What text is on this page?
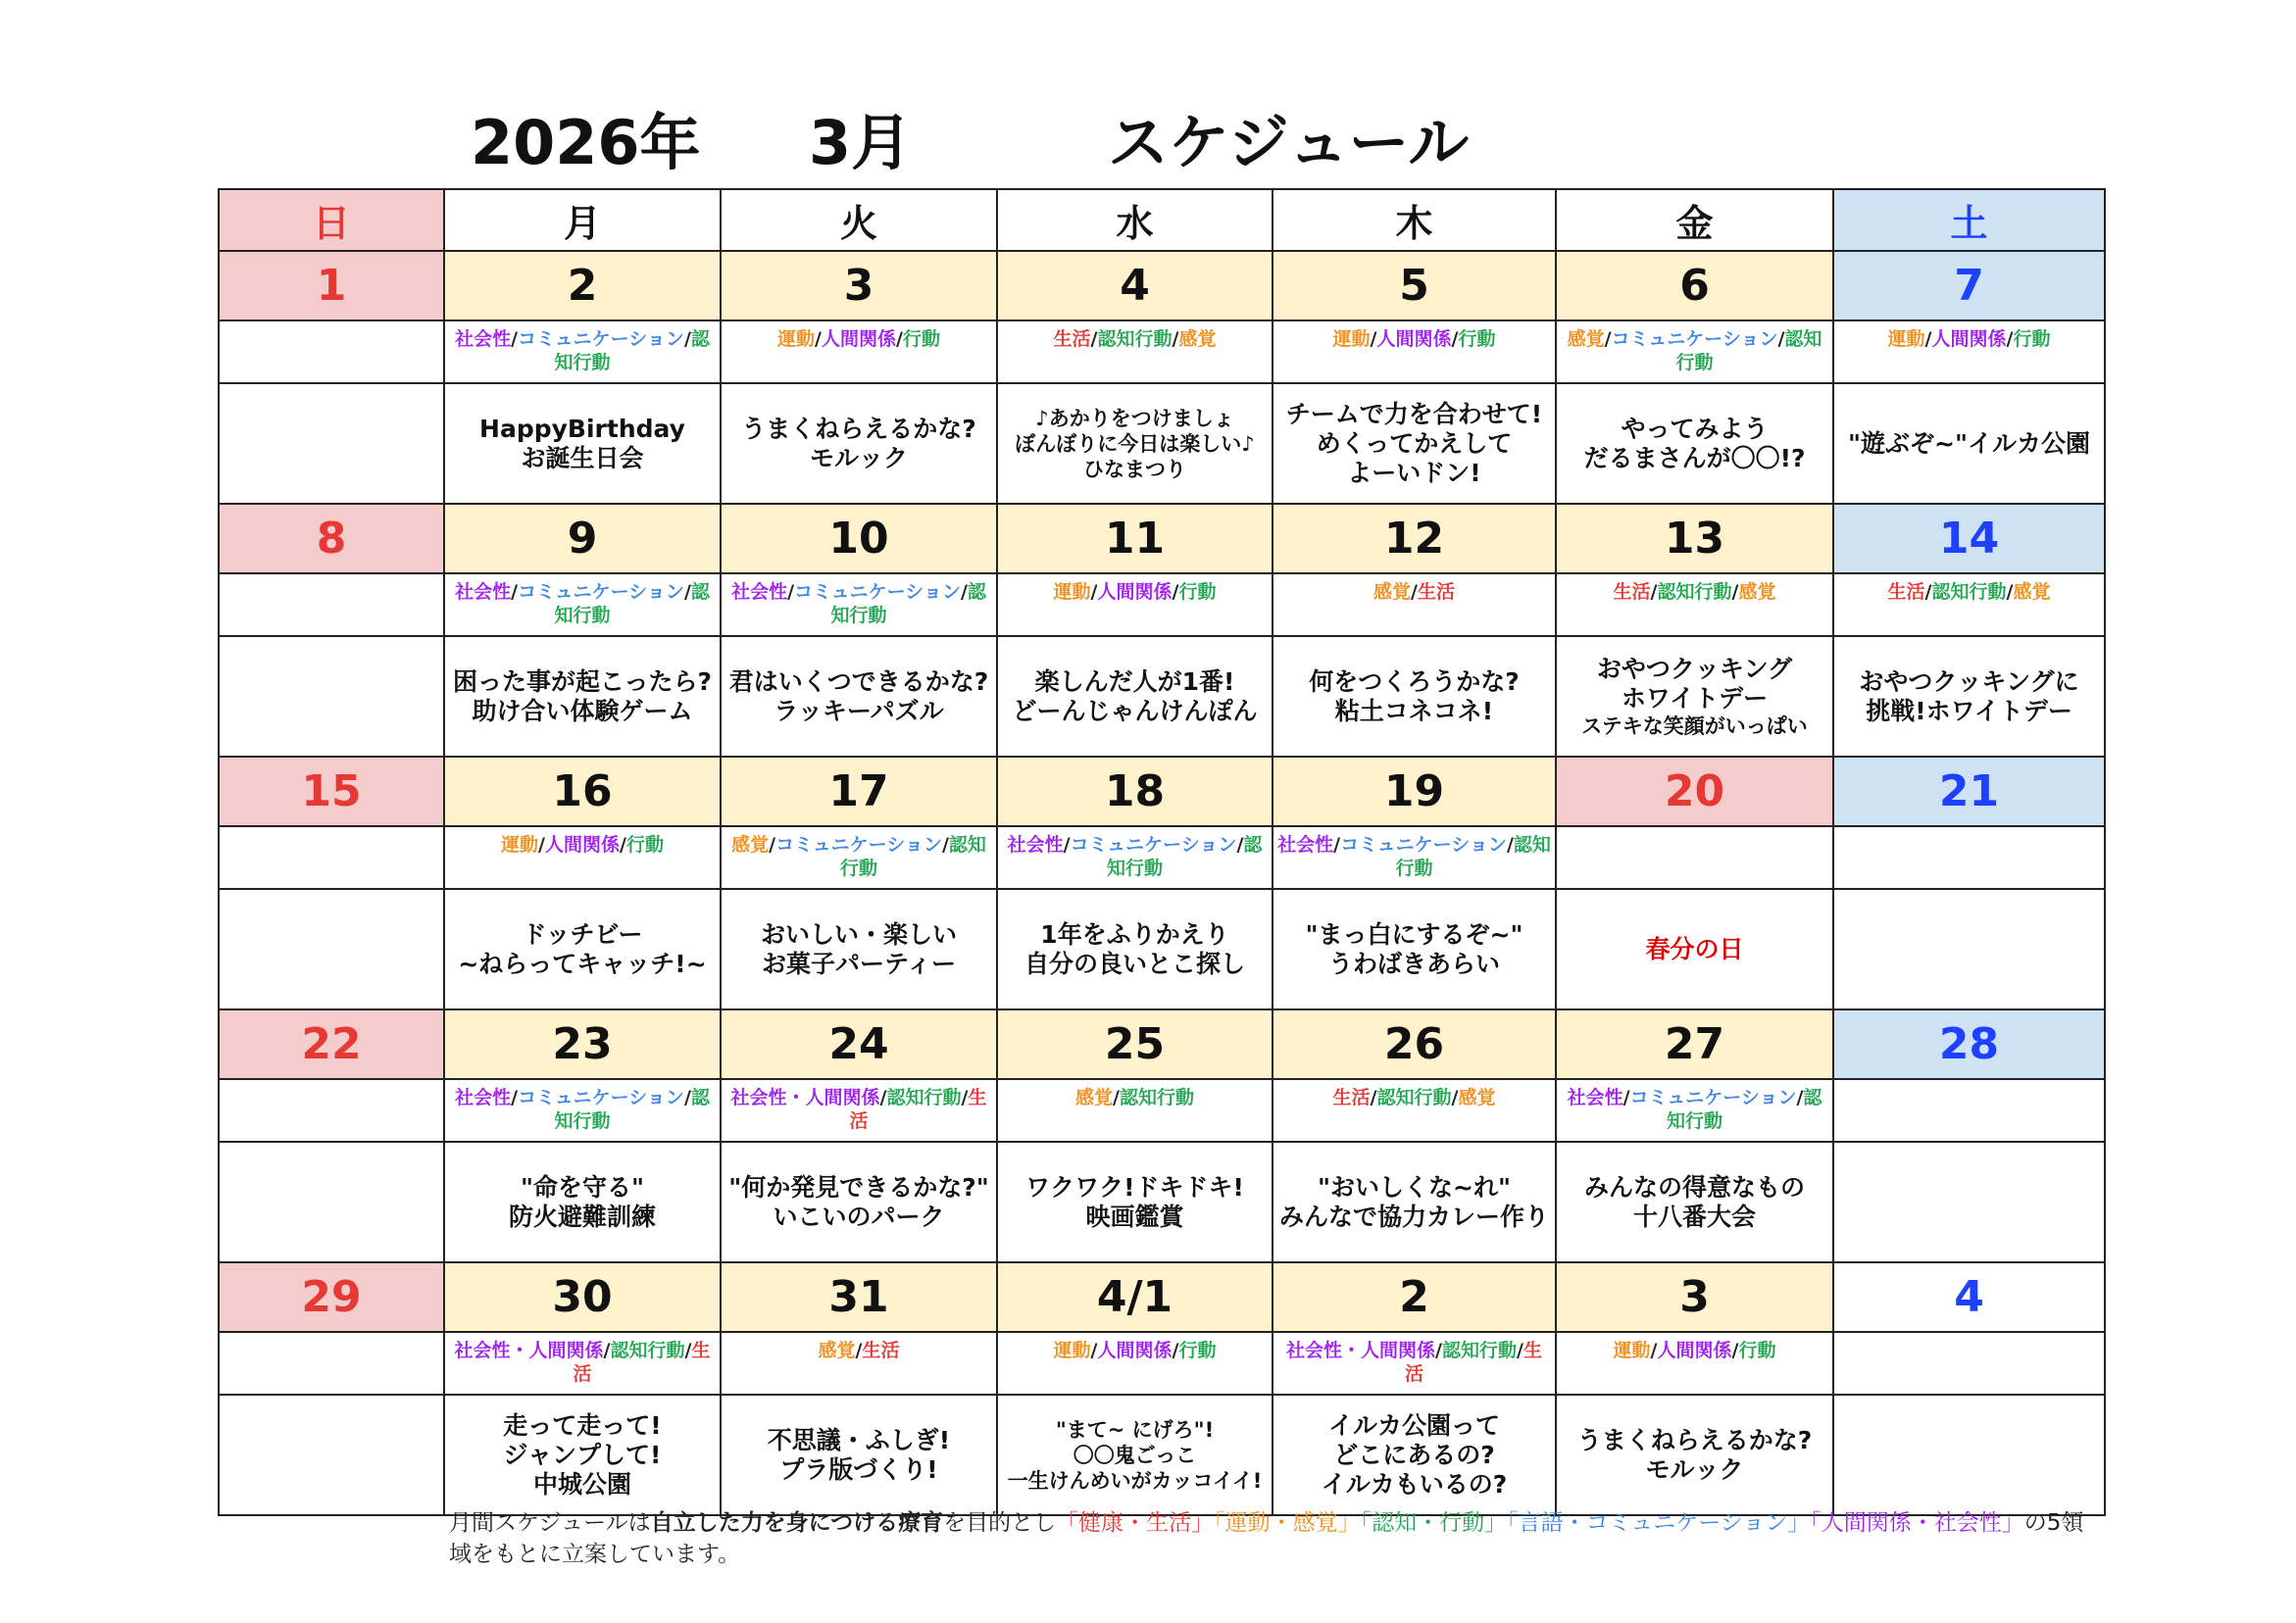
2026年 3月	スケジュール
日	月	火	水	木	金	土
1	2	3	4	5	6	7
	社会性/コミュニケーション/認知行動	運動/人間関係/行動	生活/認知行動/感覚	運動/人間関係/行動	感覚/コミュニケーション/認知行動	運動/人間関係/行動

	HappyBirthday
お誕生日会	うまくねらえるかな?
モルック	♪あかりをつけましょ
ぼんぼりに今日は楽しい♪
ひなまつり	チームで力を合わせて!
めくってかえして
よーいドン!	やってみよう
だるまさんが〇〇!?	"遊ぶぞ~"イルカ公園

8	9	10	11	12	13	14
	社会性/コミュニケーション/認知行動	社会性/コミュニケーション/認知行動	運動/人間関係/行動	感覚/生活	生活/認知行動/感覚	生活/認知行動/感覚

	困った事が起こったら?
助け合い体験ゲーム	君はいくつできるかな?
ラッキーパズル	楽しんだ人が1番!
どーんじゃんけんぽん	何をつくろうかな?
粘土コネコネ!	おやつクッキング
ホワイトデー
ステキな笑顔がいっぱい	おやつクッキングに
挑戦!ホワイトデー

15	16	17	18	19	20	21
	運動/人間関係/行動	感覚/コミュニケーション/認知行動	社会性/コミュニケーション/認知行動	社会性/コミュニケーション/認知行動		

	ドッチビー
~ねらってキャッチ!~	おいしい・楽しい
お菓子パーティー	1年をふりかえり
自分の良いとこ探し	"まっ白にするぞ~"
うわばきあらい	春分の日	

22	23	24	25	26	27	28
	社会性/コミュニケーション/認知行動	社会性・人間関係/認知行動/生活	感覚/認知行動	生活/認知行動/感覚	社会性/コミュニケーション/認知行動	

	"命を守る"
防火避難訓練	"何か発見できるかな?"
いこいのパーク	ワクワク!ドキドキ!
映画鑑賞	"おいしくな~れ"
みんなで協力カレー作り	みんなの得意なもの
十八番大会	

29	30	31	4/1	2	3	4
	社会性・人間関係/認知行動/生活	感覚/生活	運動/人間関係/行動	社会性・人間関係/認知行動/生活	運動/人間関係/行動	

	走って走って!
ジャンプして!
中城公園	不思議・ふしぎ!
プラ版づくり!	"まて~ にげろ"!
〇〇鬼ごっこ
一生けんめいがカッコイイ!	イルカ公園って
どこにあるの?
イルカもいるの?	うまくねらえるかな?
モルック	

月間スケジュールは自立した力を身につける療育を目的とし「健康・生活」「運動・感覚」「認知・行動」「言語・コミュニケーション」「人間関係・社会性」の5領域をもとに立案しています。
